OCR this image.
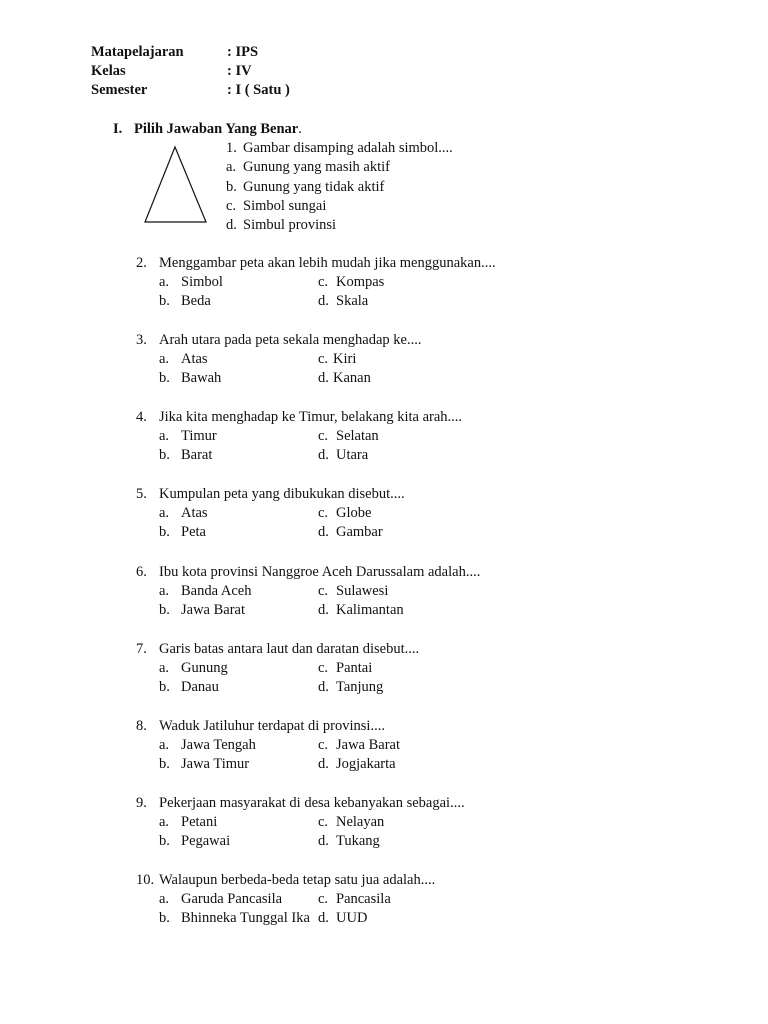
Matapelajaran	: IPS
Kelas	: IV
Semester	: I ( Satu )
I. Pilih Jawaban Yang Benar.
1. Gambar disamping adalah simbol....
a. Gunung yang masih aktif
b. Gunung yang tidak aktif
c. Simbol sungai
d. Simbul provinsi
2. Menggambar peta akan lebih mudah jika menggunakan....
a. Simbol	c. Kompas
b. Beda	d. Skala
3. Arah utara pada peta sekala menghadap ke....
a. Atas	c. Kiri
b. Bawah	d. Kanan
4. Jika kita menghadap ke Timur, belakang kita arah....
a. Timur	c. Selatan
b. Barat	d. Utara
5. Kumpulan peta yang dibukukan disebut....
a. Atas	c. Globe
b. Peta	d. Gambar
6. Ibu kota provinsi Nanggroe Aceh Darussalam adalah....
a. Banda Aceh	c. Sulawesi
b. Jawa Barat	d. Kalimantan
7. Garis batas antara laut dan daratan disebut....
a. Gunung	c. Pantai
b. Danau	d. Tanjung
8. Waduk Jatiluhur terdapat di provinsi....
a. Jawa Tengah	c. Jawa Barat
b. Jawa Timur	d. Jogjakarta
9. Pekerjaan masyarakat di desa kebanyakan sebagai....
a. Petani	c. Nelayan
b. Pegawai	d. Tukang
10. Walaupun berbeda-beda tetap satu jua adalah....
a. Garuda Pancasila c. Pancasila
b. Bhinneka Tunggal Ika d. UUD
